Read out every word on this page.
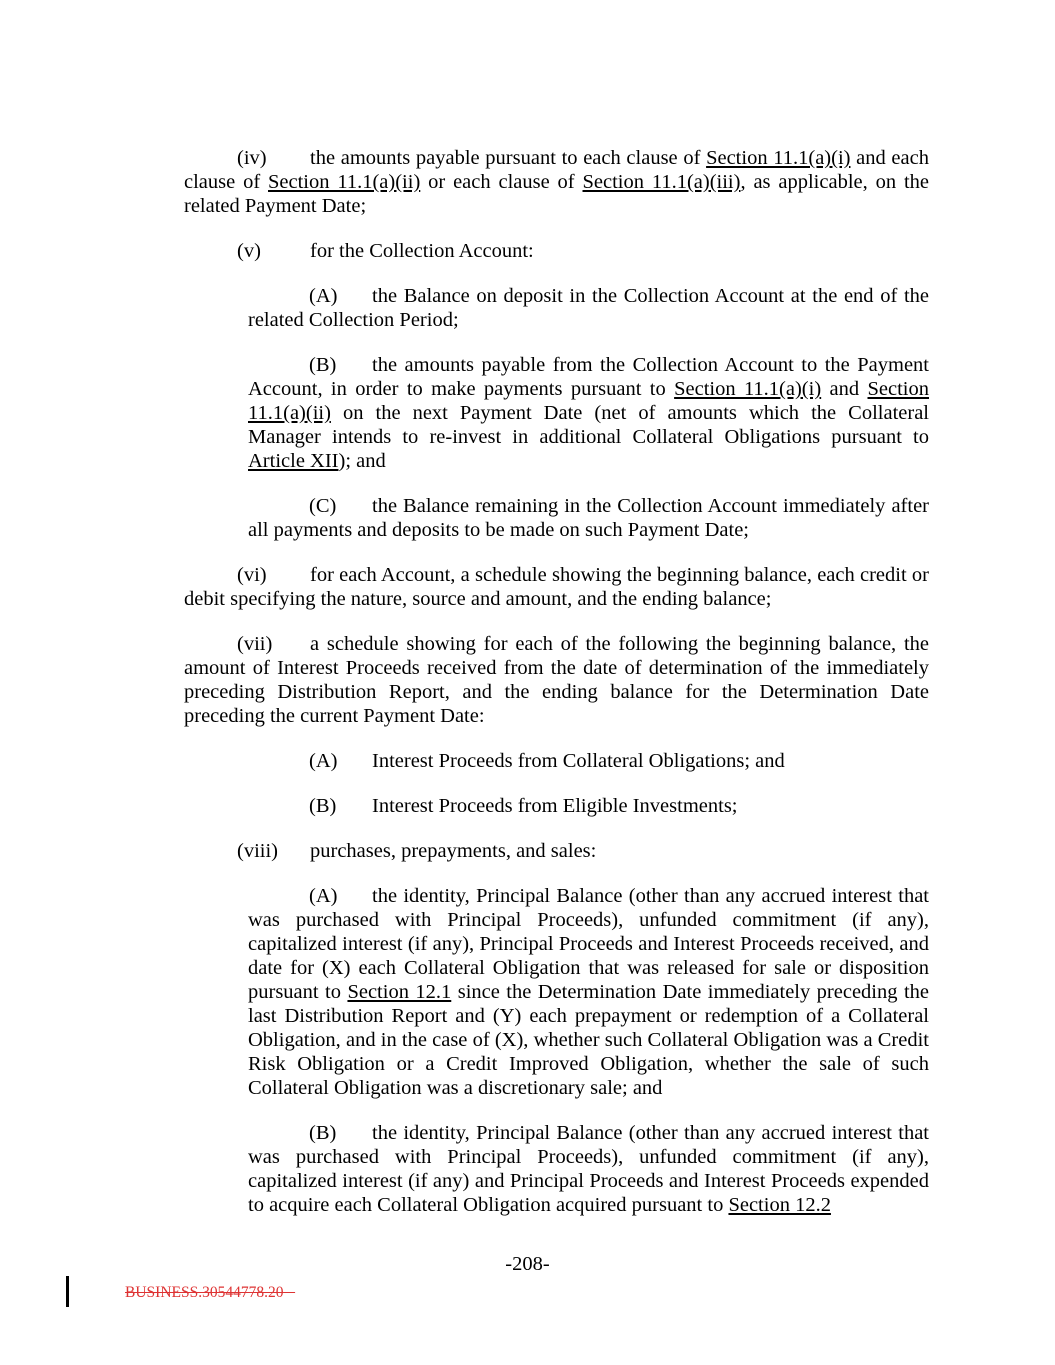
(iv) the amounts payable pursuant to each clause of Section 11.1(a)(i) and each clause of Section 11.1(a)(ii) or each clause of Section 11.1(a)(iii), as applicable, on the related Payment Date;
(v) for the Collection Account:
(A) the Balance on deposit in the Collection Account at the end of the related Collection Period;
(B) the amounts payable from the Collection Account to the Payment Account, in order to make payments pursuant to Section 11.1(a)(i) and Section 11.1(a)(ii) on the next Payment Date (net of amounts which the Collateral Manager intends to re-invest in additional Collateral Obligations pursuant to Article XII); and
(C) the Balance remaining in the Collection Account immediately after all payments and deposits to be made on such Payment Date;
(vi) for each Account, a schedule showing the beginning balance, each credit or debit specifying the nature, source and amount, and the ending balance;
(vii) a schedule showing for each of the following the beginning balance, the amount of Interest Proceeds received from the date of determination of the immediately preceding Distribution Report, and the ending balance for the Determination Date preceding the current Payment Date:
(A) Interest Proceeds from Collateral Obligations; and
(B) Interest Proceeds from Eligible Investments;
(viii) purchases, prepayments, and sales:
(A) the identity, Principal Balance (other than any accrued interest that was purchased with Principal Proceeds), unfunded commitment (if any), capitalized interest (if any), Principal Proceeds and Interest Proceeds received, and date for (X) each Collateral Obligation that was released for sale or disposition pursuant to Section 12.1 since the Determination Date immediately preceding the last Distribution Report and (Y) each prepayment or redemption of a Collateral Obligation, and in the case of (X), whether such Collateral Obligation was a Credit Risk Obligation or a Credit Improved Obligation, whether the sale of such Collateral Obligation was a discretionary sale; and
(B) the identity, Principal Balance (other than any accrued interest that was purchased with Principal Proceeds), unfunded commitment (if any), capitalized interest (if any) and Principal Proceeds and Interest Proceeds expended to acquire each Collateral Obligation acquired pursuant to Section 12.2
-208-
BUSINESS.30544778.20
